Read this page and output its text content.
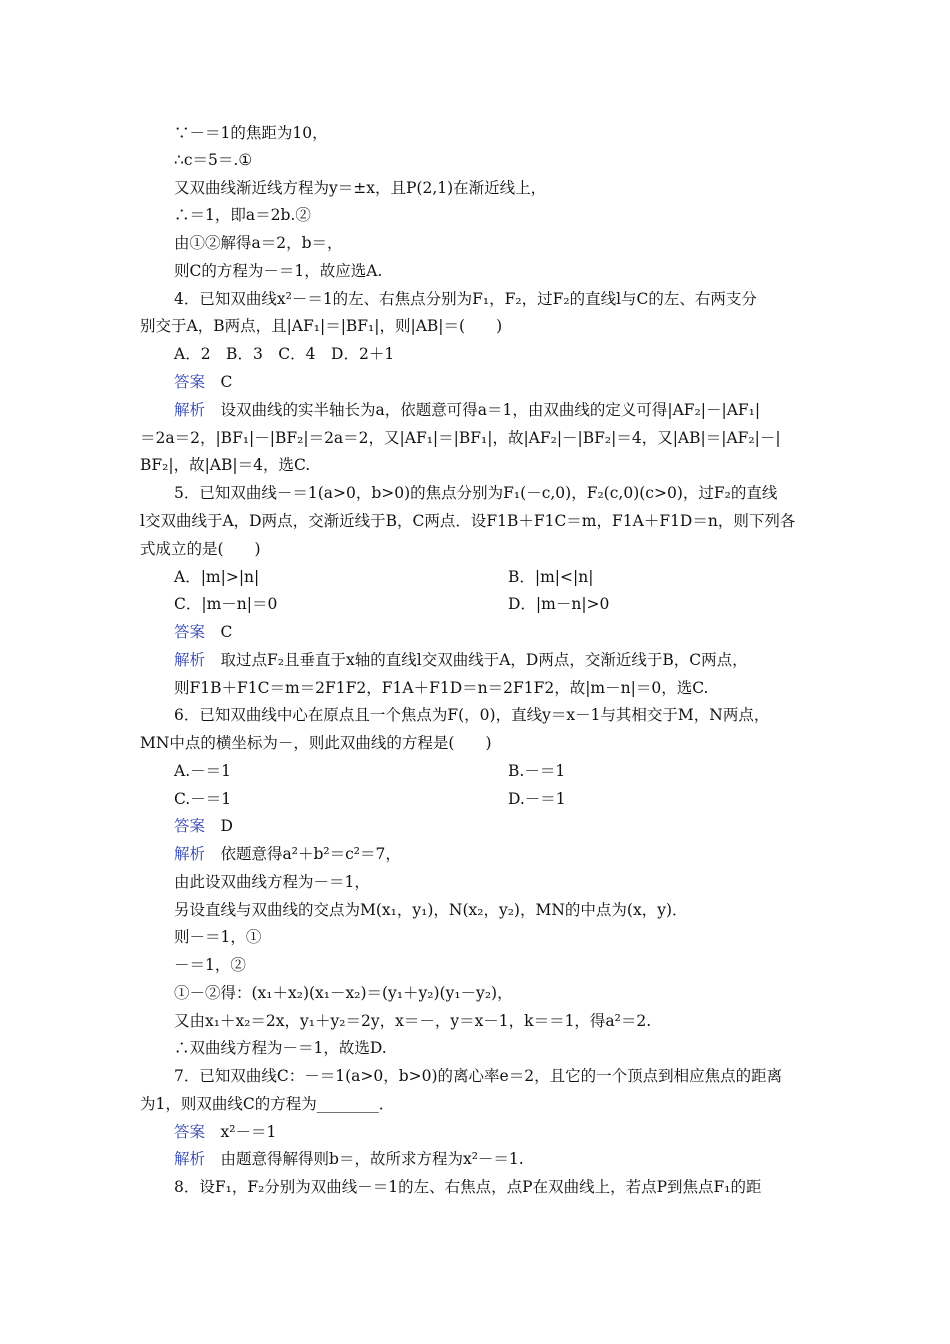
∵－＝1的焦距为10，
∴c＝5＝.①
又双曲线渐近线方程为y＝±x，且P(2,1)在渐近线上，
∴＝1，即a＝2b.②
由①②解得a＝2，b＝，
则C的方程为－＝1，故应选A.
4．已知双曲线x²－＝1的左、右焦点分别为F₁，F₂，过F₂的直线l与C的左、右两支分
别交于A，B两点，且|AF₁|＝|BF₁|，则|AB|＝(　　)
A．2　B．3　C．4　D．2＋1
答案　 C
解析　 设双曲线的实半轴长为a，依题意可得a＝1，由双曲线的定义可得|AF₂|－|AF₁|
＝2a＝2，|BF₁|－|BF₂|＝2a＝2，又|AF₁|＝|BF₁|，故|AF₂|－|BF₂|＝4，又|AB|＝|AF₂|－|
BF₂|，故|AB|＝4，选C.
5．已知双曲线－＝1(a>0，b>0)的焦点分别为F₁(－c,0)，F₂(c,0)(c>0)，过F₂的直线
l交双曲线于A，D两点，交渐近线于B，C两点．设F1B＋F1C＝m，F1A＋F1D＝n，则下列各
式成立的是(　　)
A．|m|>|n|	B．|m|<|n|
C．|m－n|＝0	D．|m－n|>0
答案　 C
解析　 取过点F₂且垂直于x轴的直线l交双曲线于A，D两点，交渐近线于B，C两点，
则F1B＋F1C＝m＝2F1F2，F1A＋F1D＝n＝2F1F2，故|m－n|＝0，选C.
6．已知双曲线中心在原点且一个焦点为F(，0)，直线y＝x－1与其相交于M，N两点，
MN中点的横坐标为－，则此双曲线的方程是(　　)
A.－＝1	B.－＝1
C.－＝1	D.－＝1
答案　 D
解析　 依题意得a²＋b²＝c²＝7，
由此设双曲线方程为－＝1，
另设直线与双曲线的交点为M(x₁，y₁)，N(x₂，y₂)，MN的中点为(x，y)．
则－＝1，①
－＝1，②
①－②得：(x₁＋x₂)(x₁－x₂)＝(y₁＋y₂)(y₁－y₂)，
又由x₁＋x₂＝2x，y₁＋y₂＝2y，x＝－，y＝x－1，k＝＝1，得a²＝2.
∴双曲线方程为－＝1，故选D.
7．已知双曲线C：－＝1(a>0，b>0)的离心率e＝2，且它的一个顶点到相应焦点的距离
为1，则双曲线C的方程为________．
答案　 x²－＝1
解析　 由题意得解得则b＝，故所求方程为x²－＝1.
8．设F₁，F₂分别为双曲线－＝1的左、右焦点，点P在双曲线上，若点P到焦点F₁的距
